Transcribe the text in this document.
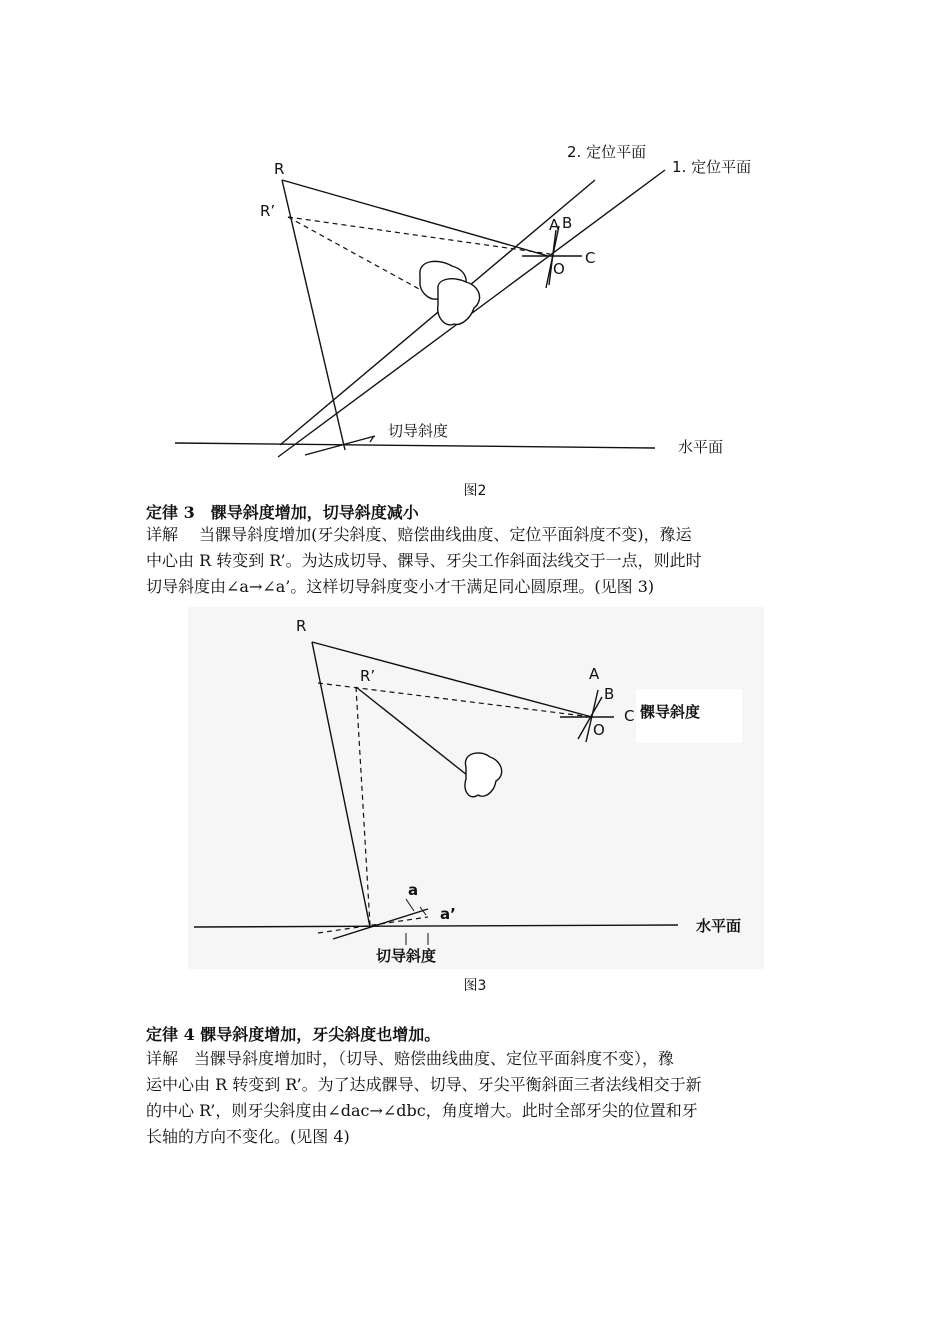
2. 定位平面
1. 定位平面
R
R’
A B
C
O
切导斜度
水平面
图2
定律 3　髁导斜度增加，切导斜度减小
详解　 当髁导斜度增加(牙尖斜度、赔偿曲线曲度、定位平面斜度不变)，䂊运
中心由 R 转变到 R’。为达成切导、髁导、牙尖工作斜面法线交于一点，则此时
切导斜度由∠a→∠a’。这样切导斜度变小才干满足同心圆原理。(见图 3)
R
R’	A
B
C
O
髁导斜度
a
a’
切导斜度
水平面
图3
定律 4 髁导斜度增加，牙尖斜度也增加。
详解　当髁导斜度增加时，（切导、赔偿曲线曲度、定位平面斜度不变），䂊
运中心由 R 转变到 R’。为了达成髁导、切导、牙尖平衡斜面三者法线相交于新
的中心 R’，则牙尖斜度由∠dac→∠dbc，角度增大。此时全部牙尖的位置和牙
长轴的方向不变化。(见图 4)
